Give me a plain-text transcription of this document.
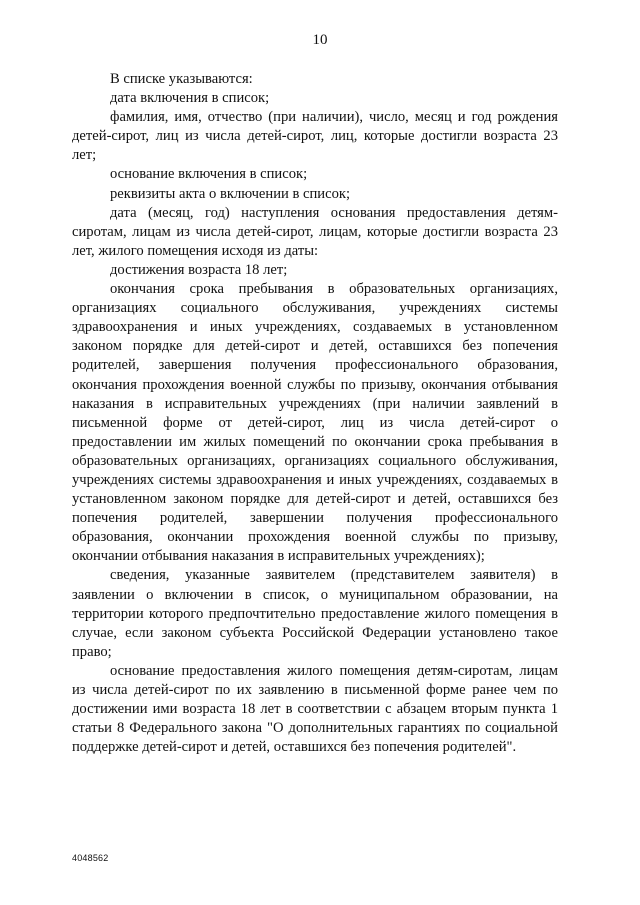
10

В списке указываются:

дата включения в список;

фамилия, имя, отчество (при наличии), число, месяц и год рождения детей-сирот, лиц из числа детей-сирот, лиц, которые достигли возраста 23 лет;

основание включения в список;

реквизиты акта о включении в список;

дата (месяц, год) наступления основания предоставления детям-сиротам, лицам из числа детей-сирот, лицам, которые достигли возраста 23 лет, жилого помещения исходя из даты:

достижения возраста 18 лет;

окончания срока пребывания в образовательных организациях, организациях социального обслуживания, учреждениях системы здравоохранения и иных учреждениях, создаваемых в установленном законом порядке для детей-сирот и детей, оставшихся без попечения родителей, завершения получения профессионального образования, окончания прохождения военной службы по призыву, окончания отбывания наказания в исправительных учреждениях (при наличии заявлений в письменной форме от детей-сирот, лиц из числа детей-сирот о предоставлении им жилых помещений по окончании срока пребывания в образовательных организациях, организациях социального обслуживания, учреждениях системы здравоохранения и иных учреждениях, создаваемых в установленном законом порядке для детей-сирот и детей, оставшихся без попечения родителей, завершении получения профессионального образования, окончании прохождения военной службы по призыву, окончании отбывания наказания в исправительных учреждениях);

сведения, указанные заявителем (представителем заявителя) в заявлении о включении в список, о муниципальном образовании, на территории которого предпочтительно предоставление жилого помещения в случае, если законом субъекта Российской Федерации установлено такое право;

основание предоставления жилого помещения детям-сиротам, лицам из числа детей-сирот по их заявлению в письменной форме ранее чем по достижении ими возраста 18 лет в соответствии с абзацем вторым пункта 1 статьи 8 Федерального закона "О дополнительных гарантиях по социальной поддержке детей-сирот и детей, оставшихся без попечения родителей".

4048562
